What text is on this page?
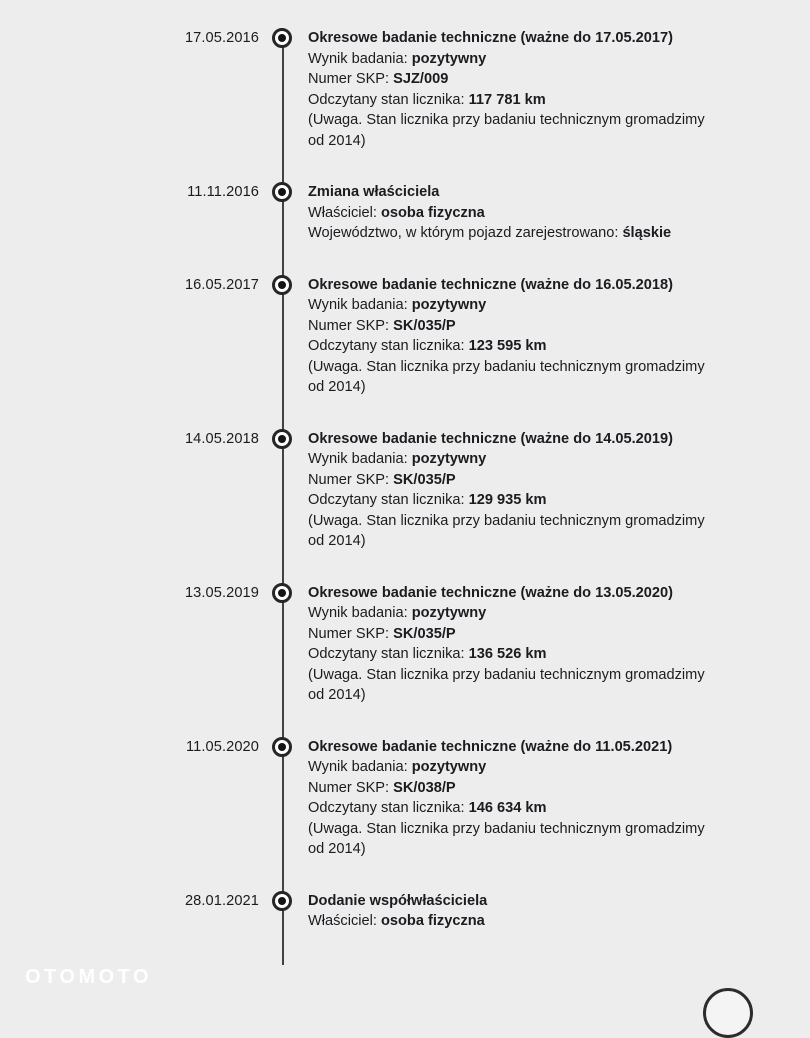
17.05.2016	Okresowe badanie techniczne (ważne do 17.05.2017)
Wynik badania: pozytywny
Numer SKP: SJZ/009
Odczytany stan licznika: 117 781 km
(Uwaga. Stan licznika przy badaniu technicznym gromadzimy od 2014)
11.11.2016	Zmiana właściciela
Właściciel: osoba fizyczna
Województwo, w którym pojazd zarejestrowano: śląskie
16.05.2017	Okresowe badanie techniczne (ważne do 16.05.2018)
Wynik badania: pozytywny
Numer SKP: SK/035/P
Odczytany stan licznika: 123 595 km
(Uwaga. Stan licznika przy badaniu technicznym gromadzimy od 2014)
14.05.2018	Okresowe badanie techniczne (ważne do 14.05.2019)
Wynik badania: pozytywny
Numer SKP: SK/035/P
Odczytany stan licznika: 129 935 km
(Uwaga. Stan licznika przy badaniu technicznym gromadzimy od 2014)
13.05.2019	Okresowe badanie techniczne (ważne do 13.05.2020)
Wynik badania: pozytywny
Numer SKP: SK/035/P
Odczytany stan licznika: 136 526 km
(Uwaga. Stan licznika przy badaniu technicznym gromadzimy od 2014)
11.05.2020	Okresowe badanie techniczne (ważne do 11.05.2021)
Wynik badania: pozytywny
Numer SKP: SK/038/P
Odczytany stan licznika: 146 634 km
(Uwaga. Stan licznika przy badaniu technicznym gromadzimy od 2014)
28.01.2021	Dodanie współwłaściciela
Właściciel: osoba fizyczna
OTOMOTO
